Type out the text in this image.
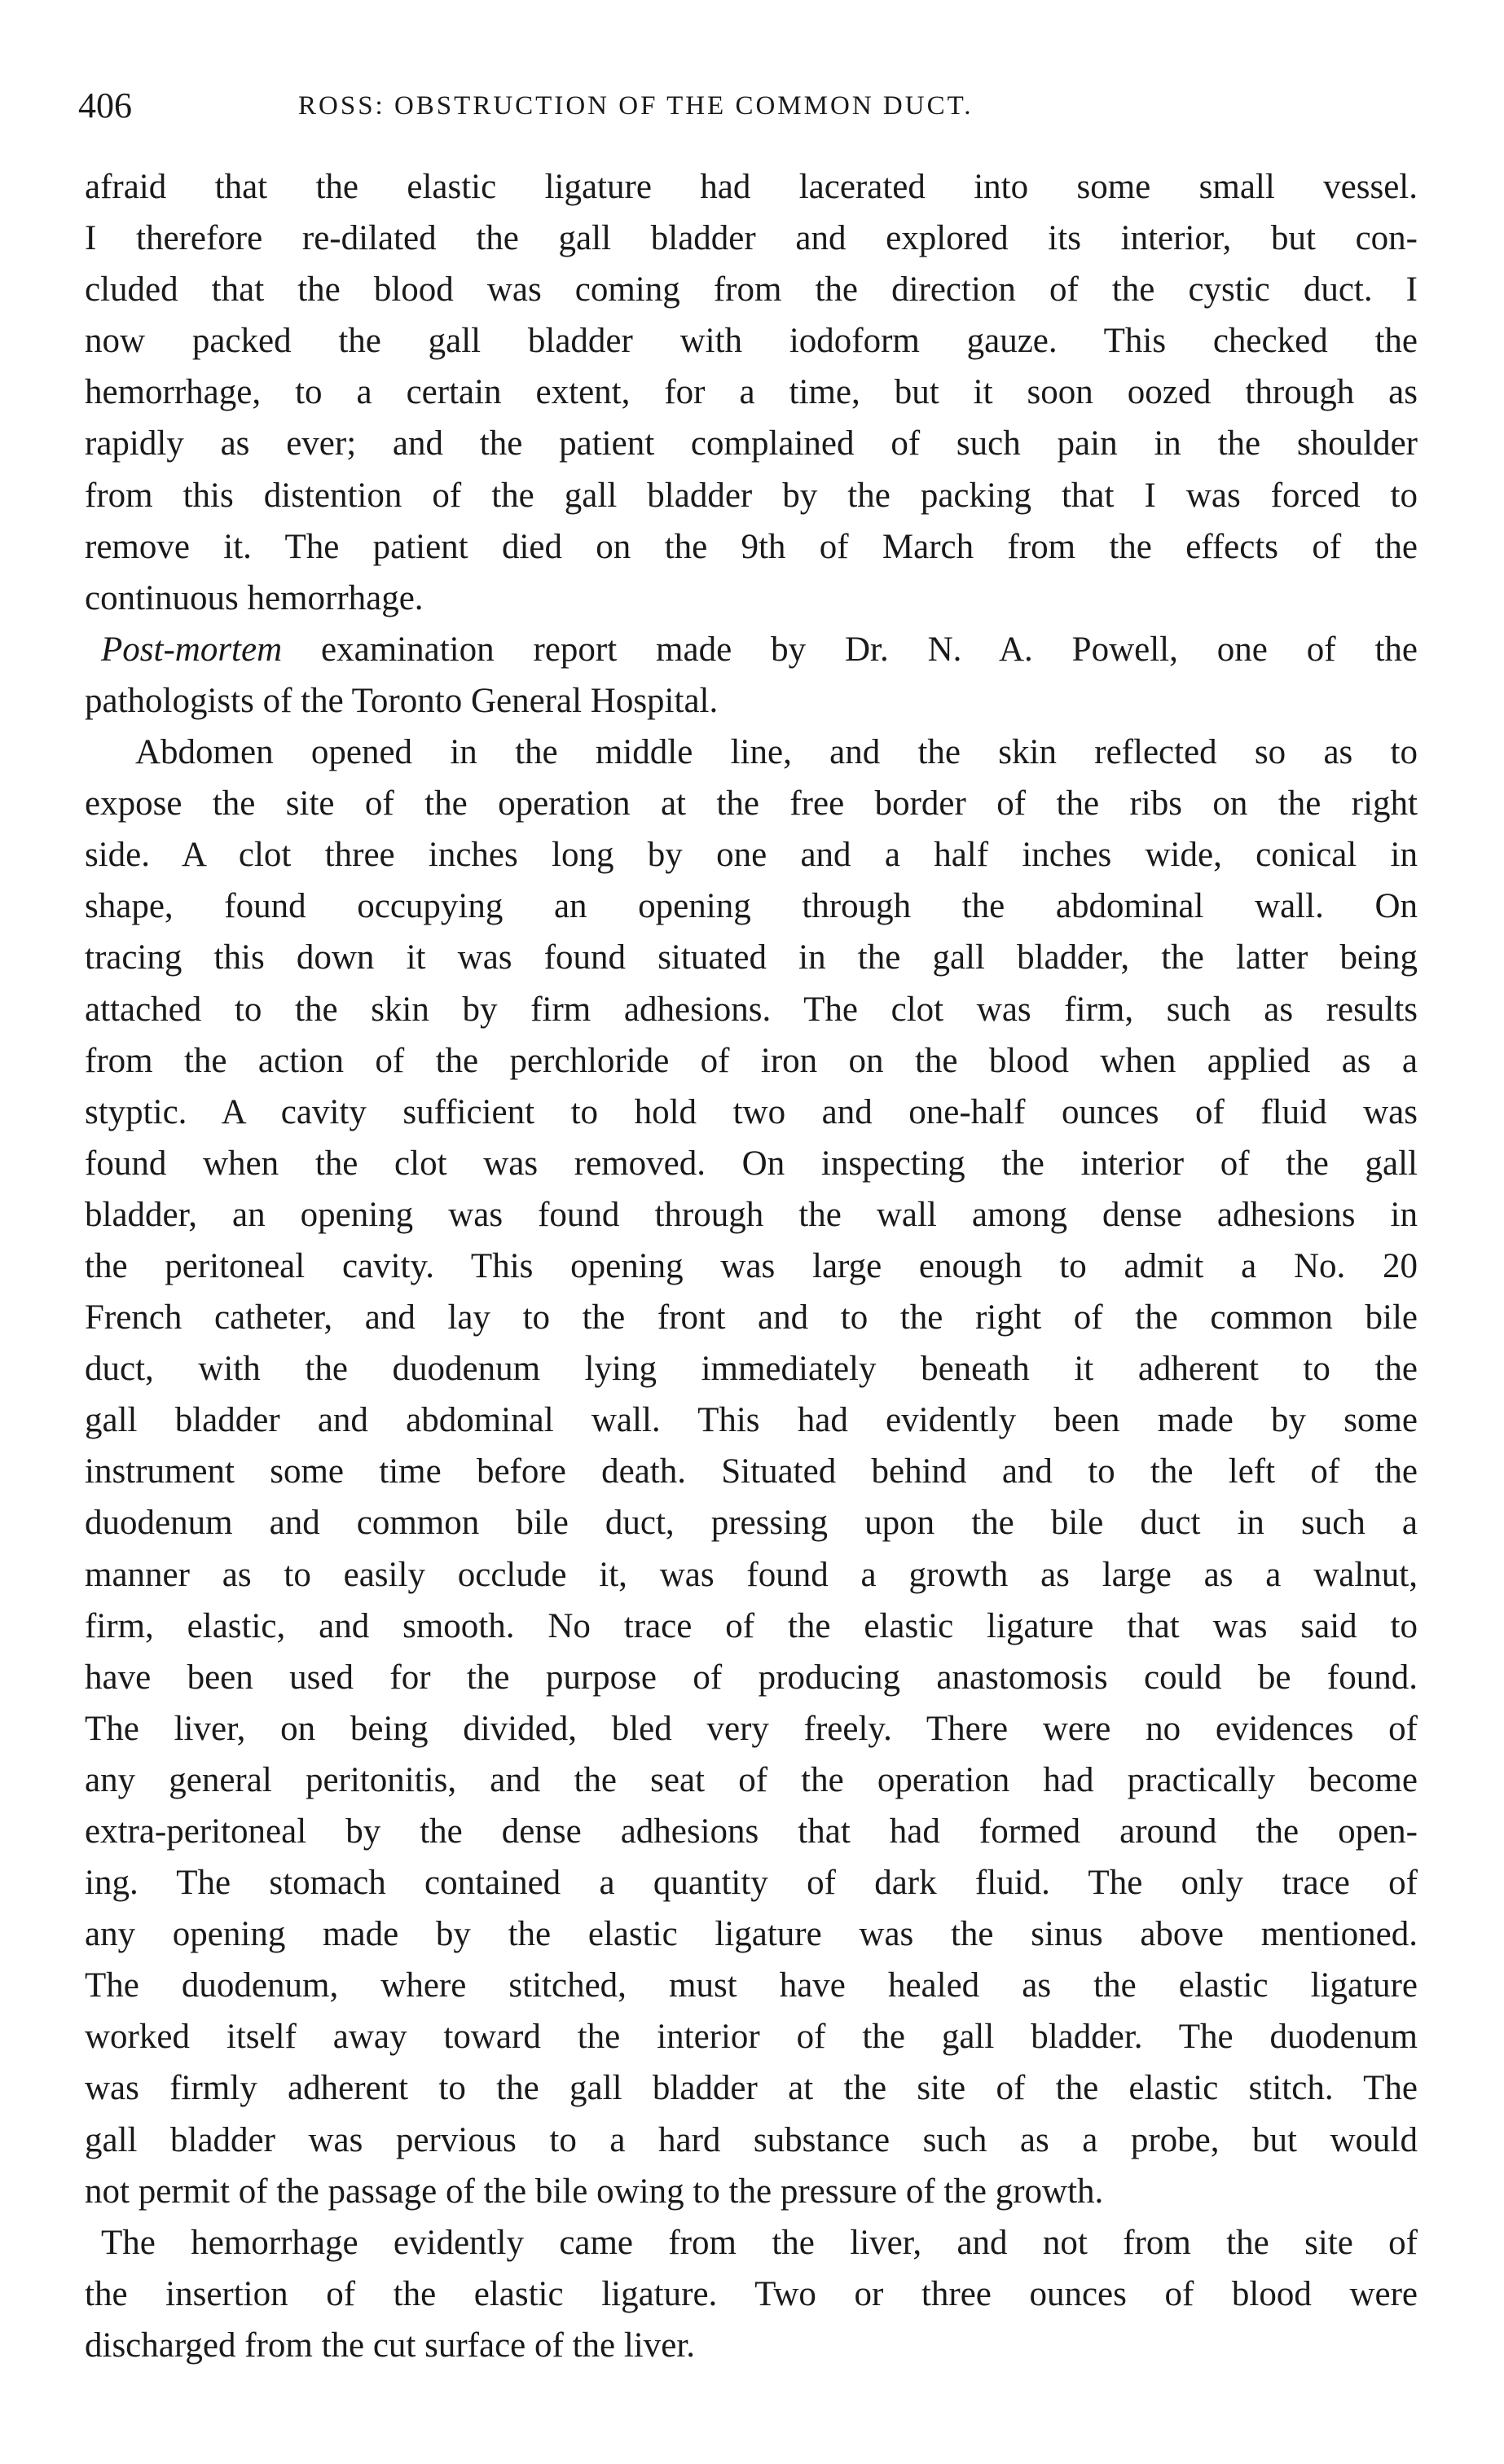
406	ROSS: OBSTRUCTION OF THE COMMON DUCT.
afraid that the elastic ligature had lacerated into some small vessel.
I therefore re-dilated the gall bladder and explored its interior, but con-
cluded that the blood was coming from the direction of the cystic duct. I
now packed the gall bladder with iodoform gauze. This checked the
hemorrhage, to a certain extent, for a time, but it soon oozed through as
rapidly as ever; and the patient complained of such pain in the shoulder
from this distention of the gall bladder by the packing that I was forced to
remove it. The patient died on the 9th of March from the effects of the
continuous hemorrhage.
Post-mortem examination report made by Dr. N. A. Powell, one of the
pathologists of the Toronto General Hospital.
Abdomen opened in the middle line, and the skin reflected so as to
expose the site of the operation at the free border of the ribs on the right
side. A clot three inches long by one and a half inches wide, conical in
shape, found occupying an opening through the abdominal wall. On
tracing this down it was found situated in the gall bladder, the latter being
attached to the skin by firm adhesions. The clot was firm, such as results
from the action of the perchloride of iron on the blood when applied as a
styptic. A cavity sufficient to hold two and one-half ounces of fluid was
found when the clot was removed. On inspecting the interior of the gall
bladder, an opening was found through the wall among dense adhesions in
the peritoneal cavity. This opening was large enough to admit a No. 20
French catheter, and lay to the front and to the right of the common bile
duct, with the duodenum lying immediately beneath it adherent to the
gall bladder and abdominal wall. This had evidently been made by some
instrument some time before death. Situated behind and to the left of the
duodenum and common bile duct, pressing upon the bile duct in such a
manner as to easily occlude it, was found a growth as large as a walnut,
firm, elastic, and smooth. No trace of the elastic ligature that was said to
have been used for the purpose of producing anastomosis could be found.
The liver, on being divided, bled very freely. There were no evidences of
any general peritonitis, and the seat of the operation had practically become
extra-peritoneal by the dense adhesions that had formed around the open-
ing. The stomach contained a quantity of dark fluid. The only trace of
any opening made by the elastic ligature was the sinus above mentioned.
The duodenum, where stitched, must have healed as the elastic ligature
worked itself away toward the interior of the gall bladder. The duodenum
was firmly adherent to the gall bladder at the site of the elastic stitch. The
gall bladder was pervious to a hard substance such as a probe, but would
not permit of the passage of the bile owing to the pressure of the growth.
The hemorrhage evidently came from the liver, and not from the site of
the insertion of the elastic ligature. Two or three ounces of blood were
discharged from the cut surface of the liver.
